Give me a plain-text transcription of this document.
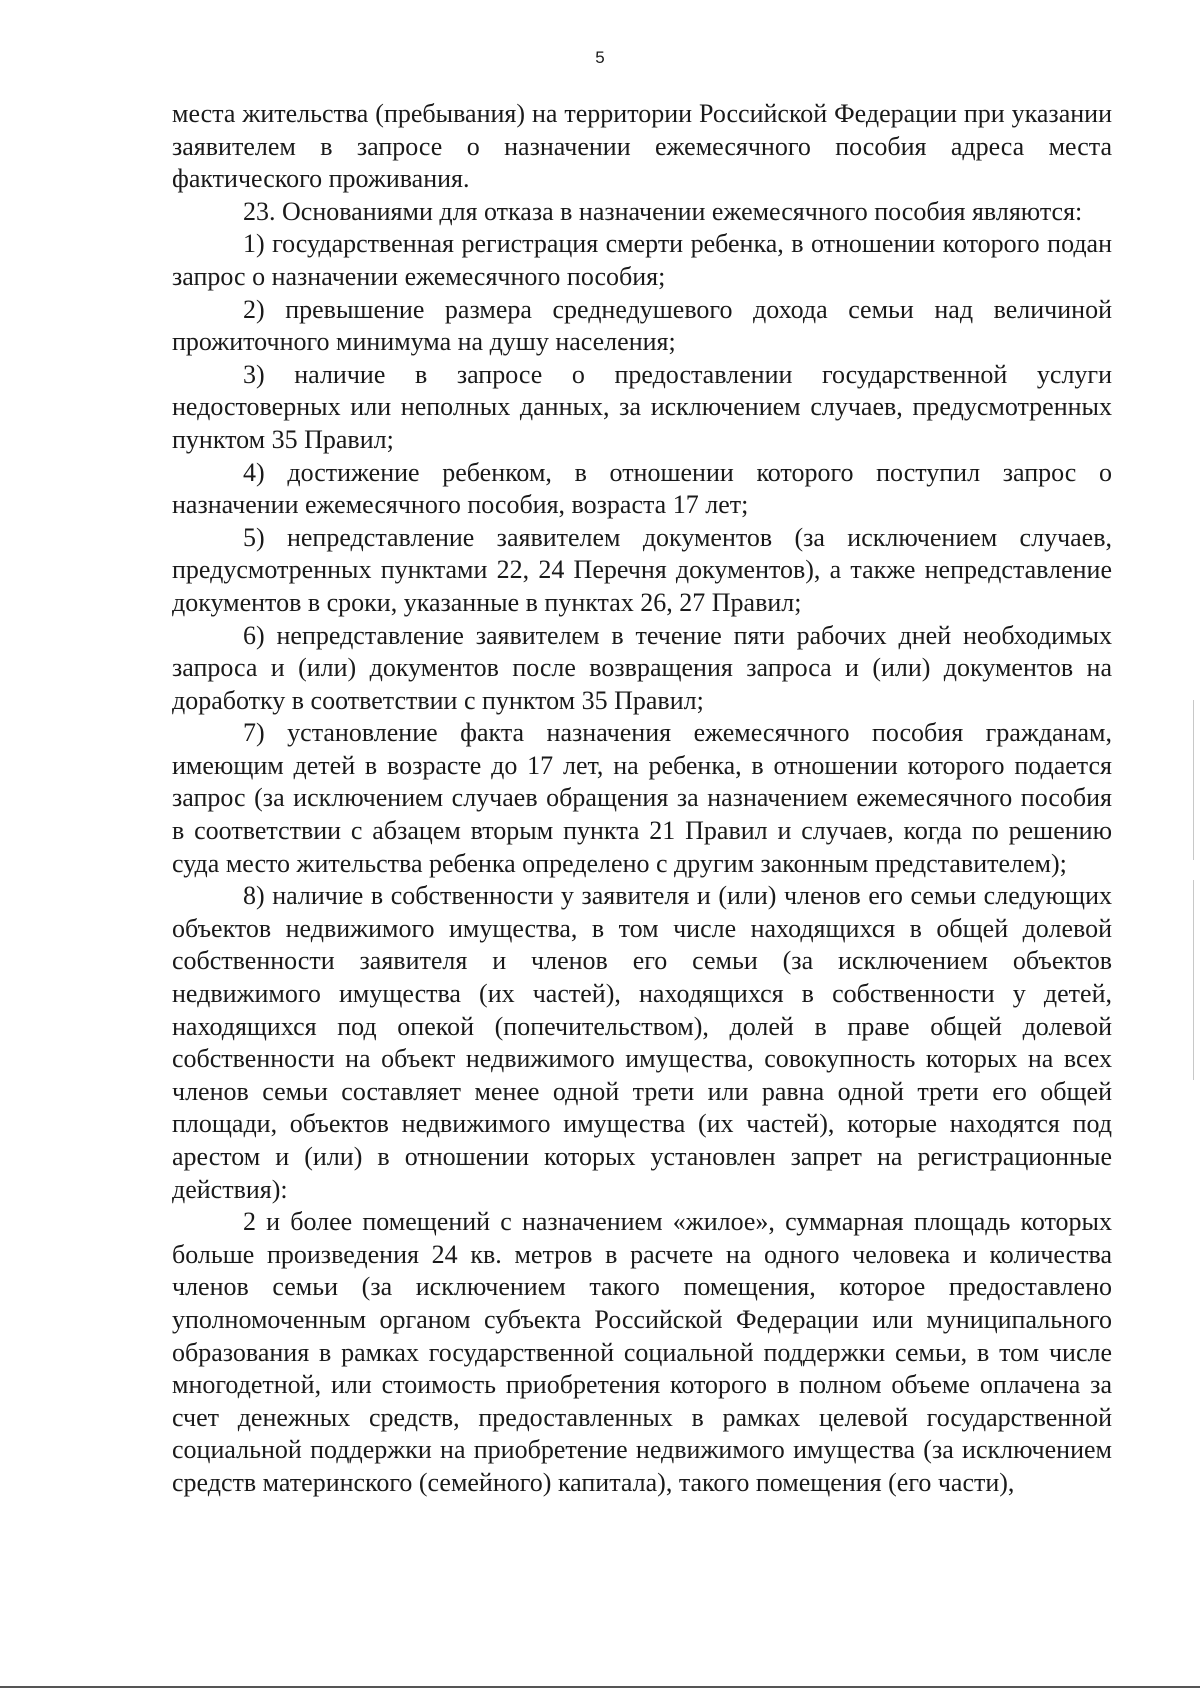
5

места жительства (пребывания) на территории Российской Федерации при указании заявителем в запросе о назначении ежемесячного пособия адреса места фактического проживания.

23. Основаниями для отказа в назначении ежемесячного пособия являются:

1) государственная регистрация смерти ребенка, в отношении которого подан запрос о назначении ежемесячного пособия;

2) превышение размера среднедушевого дохода семьи над величиной прожиточного минимума на душу населения;

3) наличие в запросе о предоставлении государственной услуги недостоверных или неполных данных, за исключением случаев, предусмотренных пунктом 35 Правил;

4) достижение ребенком, в отношении которого поступил запрос о назначении ежемесячного пособия, возраста 17 лет;

5) непредставление заявителем документов (за исключением случаев, предусмотренных пунктами 22, 24 Перечня документов), а также непредставление документов в сроки, указанные в пунктах 26, 27 Правил;

6) непредставление заявителем в течение пяти рабочих дней необходимых запроса и (или) документов после возвращения запроса и (или) документов на доработку в соответствии с пунктом 35 Правил;

7) установление факта назначения ежемесячного пособия гражданам, имеющим детей в возрасте до 17 лет, на ребенка, в отношении которого подается запрос (за исключением случаев обращения за назначением ежемесячного пособия в соответствии с абзацем вторым пункта 21 Правил и случаев, когда по решению суда место жительства ребенка определено с другим законным представителем);

8) наличие в собственности у заявителя и (или) членов его семьи следующих объектов недвижимого имущества, в том числе находящихся в общей долевой собственности заявителя и членов его семьи (за исключением объектов недвижимого имущества (их частей), находящихся в собственности у детей, находящихся под опекой (попечительством), долей в праве общей долевой собственности на объект недвижимого имущества, совокупность которых на всех членов семьи составляет менее одной трети или равна одной трети его общей площади, объектов недвижимого имущества (их частей), которые находятся под арестом и (или) в отношении которых установлен запрет на регистрационные действия):

2 и более помещений с назначением «жилое», суммарная площадь которых больше произведения 24 кв. метров в расчете на одного человека и количества членов семьи (за исключением такого помещения, которое предоставлено уполномоченным органом субъекта Российской Федерации или муниципального образования в рамках государственной социальной поддержки семьи, в том числе многодетной, или стоимость приобретения которого в полном объеме оплачена за счет денежных средств, предоставленных в рамках целевой государственной социальной поддержки на приобретение недвижимого имущества (за исключением средств материнского (семейного) капитала), такого помещения (его части),
